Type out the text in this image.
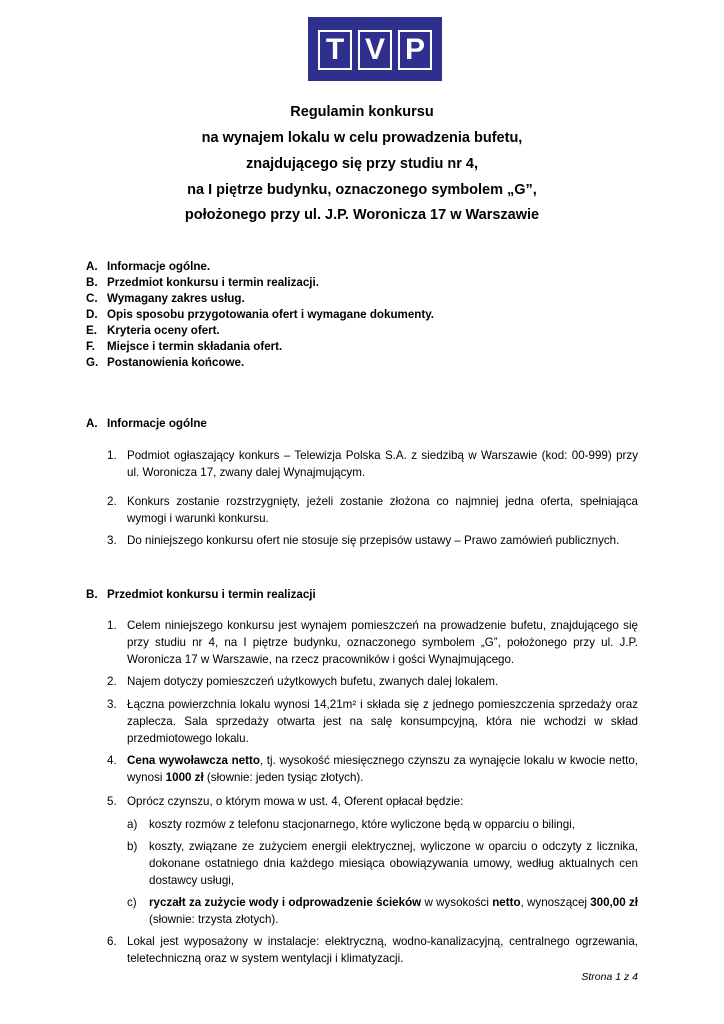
T V P
Regulamin konkursu
na wynajem lokalu w celu prowadzenia bufetu,
znajdującego się przy studiu nr 4,
na I piętrze budynku, oznaczonego symbolem „G”,
położonego przy ul. J.P. Woronicza 17 w Warszawie
A. Informacje ogólne.
B. Przedmiot konkursu i termin realizacji.
C. Wymagany zakres usług.
D. Opis sposobu przygotowania ofert i wymagane dokumenty.
E. Kryteria oceny ofert.
F. Miejsce i termin składania ofert.
G. Postanowienia końcowe.
A. Informacje ogólne
1. Podmiot ogłaszający konkurs – Telewizja Polska S.A. z siedzibą w Warszawie (kod: 00-999) przy ul. Woronicza 17, zwany dalej Wynajmującym.
2. Konkurs zostanie rozstrzygnięty, jeżeli zostanie złożona co najmniej jedna oferta, spełniająca wymogi i warunki konkursu.
3. Do niniejszego konkursu ofert nie stosuje się przepisów ustawy – Prawo zamówień publicznych.
B. Przedmiot konkursu i termin realizacji
1. Celem niniejszego konkursu jest wynajem pomieszczeń na prowadzenie bufetu, znajdującego się przy studiu nr 4, na I piętrze budynku, oznaczonego symbolem „G”, położonego przy ul. J.P. Woronicza 17 w Warszawie, na rzecz pracowników i gości Wynajmującego.
2. Najem dotyczy pomieszczeń użytkowych bufetu, zwanych dalej lokalem.
3. Łączna powierzchnia lokalu wynosi 14,21m² i składa się z jednego pomieszczenia sprzedaży oraz zaplecza. Sala sprzedaży otwarta jest na salę konsumpcyjną, która nie wchodzi w skład przedmiotowego lokalu.
4. Cena wywoławcza netto, tj. wysokość miesięcznego czynszu za wynajęcie lokalu w kwocie netto, wynosi 1000 zł (słownie: jeden tysiąc złotych).
5. Oprócz czynszu, o którym mowa w ust. 4, Oferent opłacał będzie:
a) koszty rozmów z telefonu stacjonarnego, które wyliczone będą w opparciu o bilingi,
b) koszty, związane ze zużyciem energii elektrycznej, wyliczone w oparciu o odczyty z licznika, dokonane ostatniego dnia każdego miesiąca obowiązywania umowy, według aktualnych cen dostawcy usługi,
c) ryczałt za zużycie wody i odprowadzenie ścieków w wysokości netto, wynoszącej 300,00 zł (słownie: trzysta złotych).
6. Lokal jest wyposażony w instalacje: elektryczną, wodno-kanalizacyjną, centralnego ogrzewania, teletechniczną oraz w system wentylacji i klimatyzacji.
Strona 1 z 4
